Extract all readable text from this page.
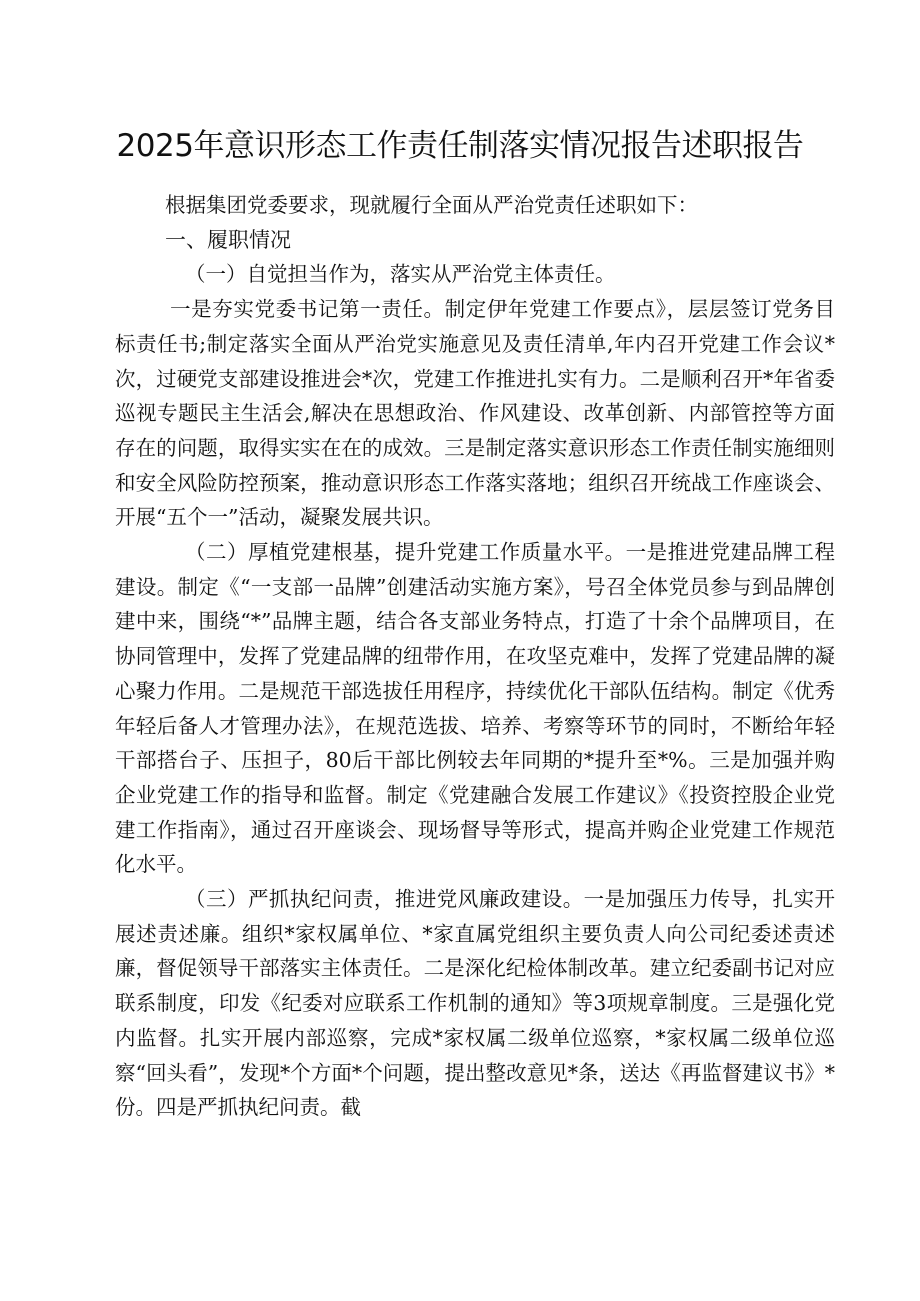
2025年意识形态工作责任制落实情况报告述职报告

根据集团党委要求，现就履行全面从严治党责任述职如下：

一、履职情况

（一）自觉担当作为，落实从严治党主体责任。

一是夯实党委书记第一责任。制定伊年党建工作要点》，层层签订党务目标责任书;制定落实全面从严治党实施意见及责任清单,年内召开党建工作会议*次，过硬党支部建设推进会*次，党建工作推进扎实有力。二是顺利召开*年省委巡视专题民主生活会,解决在思想政治、作风建设、改革创新、内部管控等方面存在的问题，取得实实在在的成效。三是制定落实意识形态工作责任制实施细则和安全风险防控预案，推动意识形态工作落实落地；组织召开统战工作座谈会、开展“五个一”活动，凝聚发展共识。

（二）厚植党建根基，提升党建工作质量水平。一是推进党建品牌工程建设。制定《“一支部一品牌”创建活动实施方案》，号召全体党员参与到品牌创建中来，围绕“*”品牌主题，结合各支部业务特点，打造了十余个品牌项目，在协同管理中，发挥了党建品牌的纽带作用，在攻坚克难中，发挥了党建品牌的凝心聚力作用。二是规范干部选拔任用程序，持续优化干部队伍结构。制定《优秀年轻后备人才管理办法》，在规范选拔、培养、考察等环节的同时，不断给年轻干部搭台子、压担子，80后干部比例较去年同期的*提升至*%。三是加强并购企业党建工作的指导和监督。制定《党建融合发展工作建议》《投资控股企业党建工作指南》，通过召开座谈会、现场督导等形式，提高并购企业党建工作规范化水平。

（三）严抓执纪问责，推进党风廉政建设。一是加强压力传导，扎实开展述责述廉。组织*家权属单位、*家直属党组织主要负责人向公司纪委述责述廉，督促领导干部落实主体责任。二是深化纪检体制改革。建立纪委副书记对应联系制度，印发《纪委对应联系工作机制的通知》等3项规章制度。三是强化党内监督。扎实开展内部巡察，完成*家权属二级单位巡察，*家权属二级单位巡察“回头看”，发现*个方面*个问题，提出整改意见*条，送达《再监督建议书》*份。四是严抓执纪问责。截
